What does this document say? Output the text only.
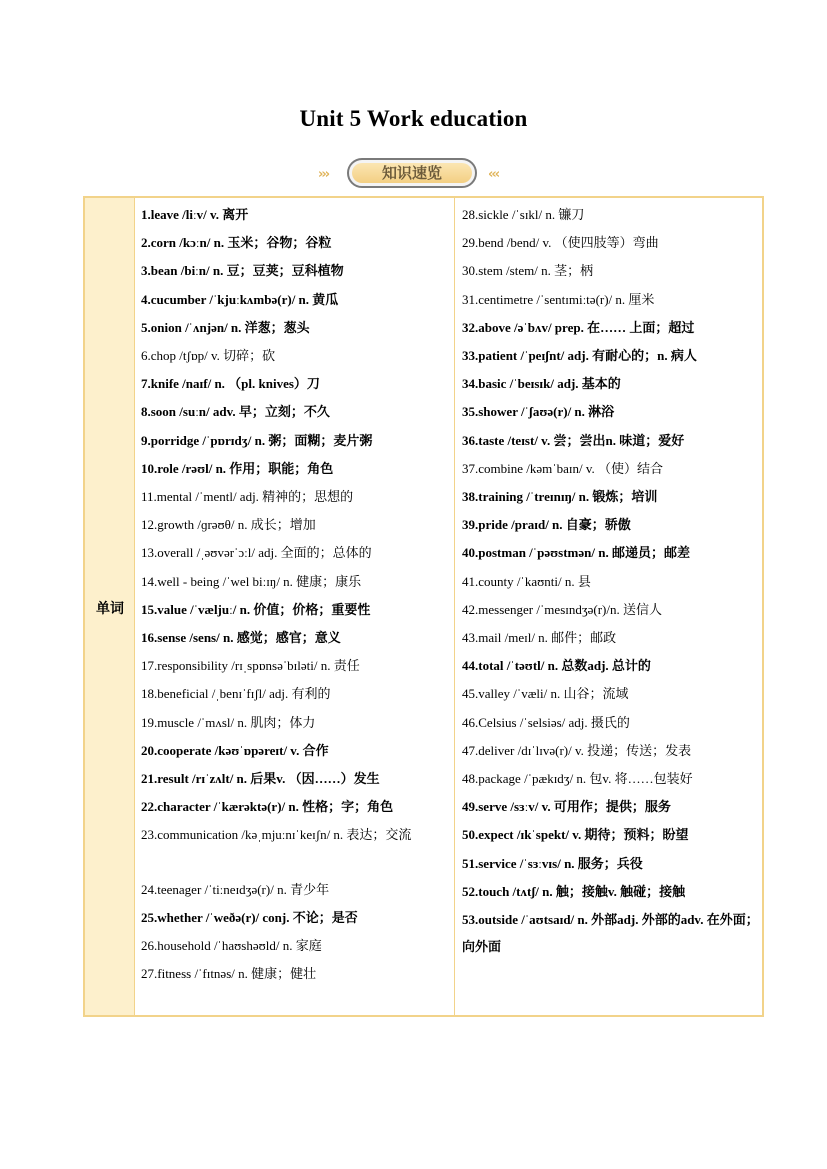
Unit 5 Work education
›››	知识速览	‹‹‹
单词
1.leave /liːv/ v. 离开
2.corn /kɔːn/ n. 玉米；谷物；谷粒
3.bean /biːn/ n. 豆；豆荚；豆科植物
4.cucumber /ˈkjuːkʌmbə(r)/ n. 黄瓜
5.onion /ˈʌnjən/ n. 洋葱；葱头
6.chop /tʃɒp/ v. 切碎；砍
7.knife /naɪf/ n. （pl. knives）刀
8.soon /suːn/ adv. 早；立刻；不久
9.porridge /ˈpɒrɪdʒ/ n. 粥；面糊；麦片粥
10.role /rəʊl/ n. 作用；职能；角色
11.mental /ˈmentl/ adj. 精神的；思想的
12.growth /ɡrəʊθ/ n. 成长；增加
13.overall /ˌəʊvərˈɔːl/ adj. 全面的；总体的
14.well - being /ˈwel biːɪŋ/ n. 健康；康乐
15.value /ˈvæljuː/ n. 价值；价格；重要性
16.sense /sens/ n. 感觉；感官；意义
17.responsibility /rɪˌspɒnsəˈbɪləti/ n. 责任
18.beneficial /ˌbenɪˈfɪʃl/ adj. 有利的
19.muscle /ˈmʌsl/ n. 肌肉；体力
20.cooperate /kəʊˈɒpəreɪt/ v. 合作
21.result /rɪˈzʌlt/ n. 后果v. （因……）发生
22.character /ˈkærəktə(r)/ n. 性格；字；角色
23.communication /kəˌmjuːnɪˈkeɪʃn/ n. 表达；交流
24.teenager /ˈtiːneɪdʒə(r)/ n. 青少年
25.whether /ˈweðə(r)/ conj. 不论；是否
26.household /ˈhaʊshəʊld/ n. 家庭
27.fitness /ˈfɪtnəs/ n. 健康；健壮
28.sickle /ˈsɪkl/ n. 镰刀
29.bend /bend/ v. （使四肢等）弯曲
30.stem /stem/ n. 茎；柄
31.centimetre /ˈsentɪmiːtə(r)/ n. 厘米
32.above /əˈbʌv/ prep. 在…… 上面；超过
33.patient /ˈpeɪʃnt/ adj. 有耐心的；n. 病人
34.basic /ˈbeɪsɪk/ adj. 基本的
35.shower /ˈʃaʊə(r)/ n. 淋浴
36.taste /teɪst/ v. 尝；尝出n. 味道；爱好
37.combine /kəmˈbaɪn/ v. （使）结合
38.training /ˈtreɪnɪŋ/ n. 锻炼；培训
39.pride /praɪd/ n. 自豪；骄傲
40.postman /ˈpəʊstmən/ n. 邮递员；邮差
41.county /ˈkaʊnti/ n. 县
42.messenger /ˈmesɪndʒə(r)/n. 送信人
43.mail /meɪl/ n. 邮件；邮政
44.total /ˈtəʊtl/ n. 总数adj. 总计的
45.valley /ˈvæli/ n. 山谷；流域
46.Celsius /ˈselsiəs/ adj. 摄氏的
47.deliver /dɪˈlɪvə(r)/ v. 投递；传送；发表
48.package /ˈpækɪdʒ/ n. 包v. 将……包装好
49.serve /sɜːv/ v. 可用作；提供；服务
50.expect /ɪkˈspekt/ v. 期待；预料；盼望
51.service /ˈsɜːvɪs/ n. 服务；兵役
52.touch /tʌtʃ/ n. 触；接触v. 触碰；接触
53.outside /ˈaʊtsaɪd/ n. 外部adj. 外部的adv. 在外面；向外面
